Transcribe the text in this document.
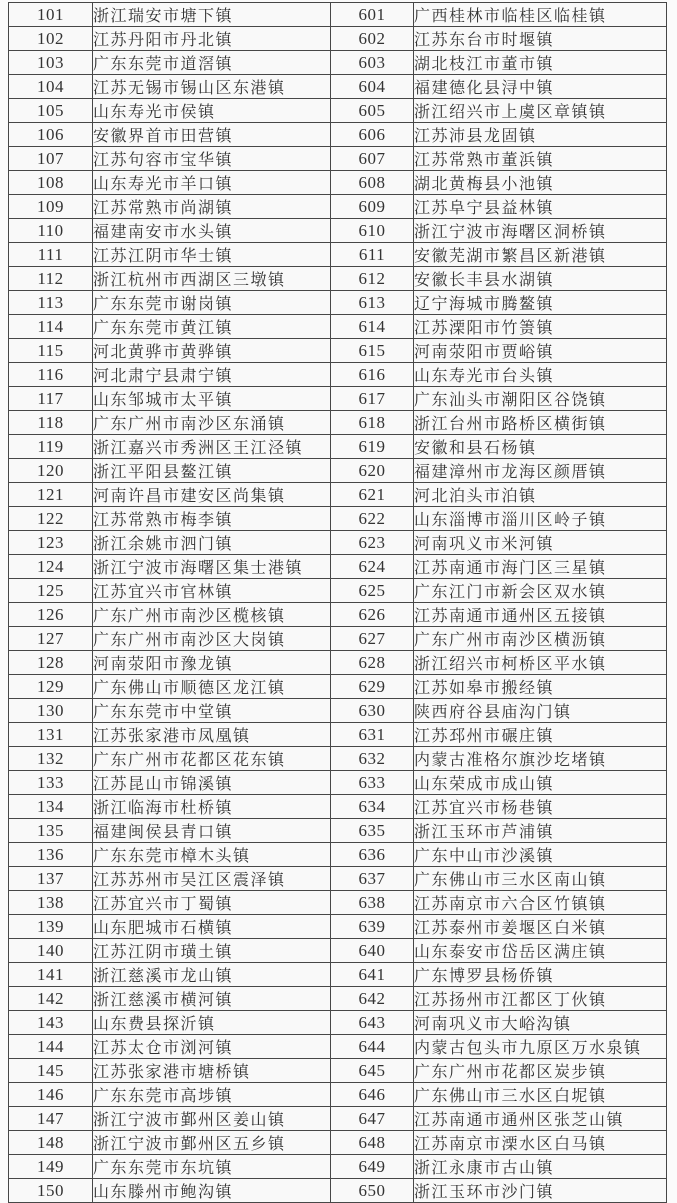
101	浙江瑞安市塘下镇	601	广西桂林市临桂区临桂镇
102	江苏丹阳市丹北镇	602	江苏东台市时堰镇
103	广东东莞市道滘镇	603	湖北枝江市董市镇
104	江苏无锡市锡山区东港镇	604	福建德化县浔中镇
105	山东寿光市侯镇	605	浙江绍兴市上虞区章镇镇
106	安徽界首市田营镇	606	江苏沛县龙固镇
107	江苏句容市宝华镇	607	江苏常熟市董浜镇
108	山东寿光市羊口镇	608	湖北黄梅县小池镇
109	江苏常熟市尚湖镇	609	江苏阜宁县益林镇
110	福建南安市水头镇	610	浙江宁波市海曙区洞桥镇
111	江苏江阴市华士镇	611	安徽芜湖市繁昌区新港镇
112	浙江杭州市西湖区三墩镇	612	安徽长丰县水湖镇
113	广东东莞市谢岗镇	613	辽宁海城市腾鳌镇
114	广东东莞市黄江镇	614	江苏溧阳市竹箦镇
115	河北黄骅市黄骅镇	615	河南荥阳市贾峪镇
116	河北肃宁县肃宁镇	616	山东寿光市台头镇
117	山东邹城市太平镇	617	广东汕头市潮阳区谷饶镇
118	广东广州市南沙区东涌镇	618	浙江台州市路桥区横街镇
119	浙江嘉兴市秀洲区王江泾镇	619	安徽和县石杨镇
120	浙江平阳县鳌江镇	620	福建漳州市龙海区颜厝镇
121	河南许昌市建安区尚集镇	621	河北泊头市泊镇
122	江苏常熟市梅李镇	622	山东淄博市淄川区岭子镇
123	浙江余姚市泗门镇	623	河南巩义市米河镇
124	浙江宁波市海曙区集士港镇	624	江苏南通市海门区三星镇
125	江苏宜兴市官林镇	625	广东江门市新会区双水镇
126	广东广州市南沙区榄核镇	626	江苏南通市通州区五接镇
127	广东广州市南沙区大岗镇	627	广东广州市南沙区横沥镇
128	河南荥阳市豫龙镇	628	浙江绍兴市柯桥区平水镇
129	广东佛山市顺德区龙江镇	629	江苏如皋市搬经镇
130	广东东莞市中堂镇	630	陕西府谷县庙沟门镇
131	江苏张家港市凤凰镇	631	江苏邳州市碾庄镇
132	广东广州市花都区花东镇	632	内蒙古准格尔旗沙圪堵镇
133	江苏昆山市锦溪镇	633	山东荣成市成山镇
134	浙江临海市杜桥镇	634	江苏宜兴市杨巷镇
135	福建闽侯县青口镇	635	浙江玉环市芦浦镇
136	广东东莞市樟木头镇	636	广东中山市沙溪镇
137	江苏苏州市吴江区震泽镇	637	广东佛山市三水区南山镇
138	江苏宜兴市丁蜀镇	638	江苏南京市六合区竹镇镇
139	山东肥城市石横镇	639	江苏泰州市姜堰区白米镇
140	江苏江阴市璜土镇	640	山东泰安市岱岳区满庄镇
141	浙江慈溪市龙山镇	641	广东博罗县杨侨镇
142	浙江慈溪市横河镇	642	江苏扬州市江都区丁伙镇
143	山东费县探沂镇	643	河南巩义市大峪沟镇
144	江苏太仓市浏河镇	644	内蒙古包头市九原区万水泉镇
145	江苏张家港市塘桥镇	645	广东广州市花都区炭步镇
146	广东东莞市高埗镇	646	广东佛山市三水区白坭镇
147	浙江宁波市鄞州区姜山镇	647	江苏南通市通州区张芝山镇
148	浙江宁波市鄞州区五乡镇	648	江苏南京市溧水区白马镇
149	广东东莞市东坑镇	649	浙江永康市古山镇
150	山东滕州市鲍沟镇	650	浙江玉环市沙门镇
